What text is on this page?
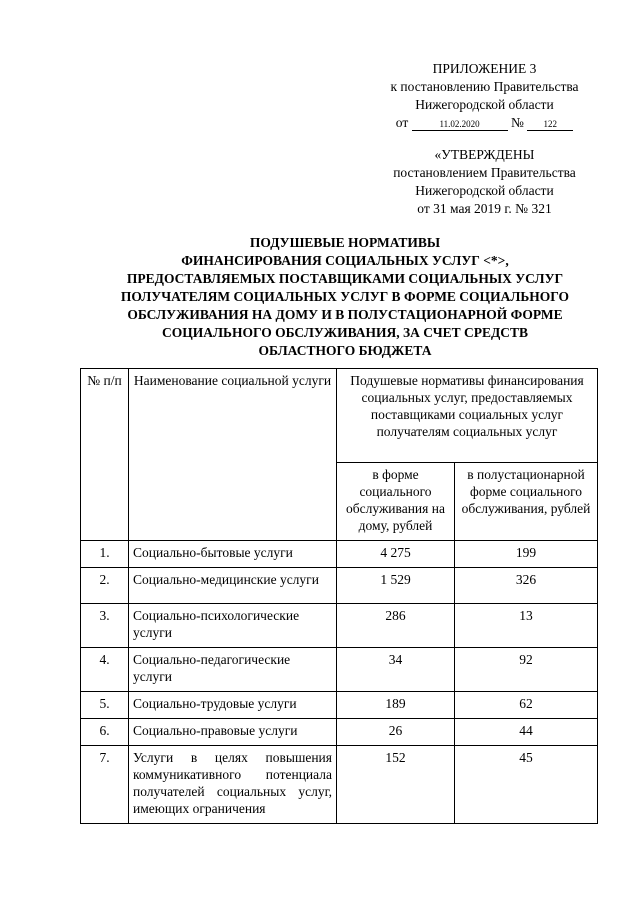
ПРИЛОЖЕНИЕ 3
к постановлению Правительства
Нижегородской области
от	11.02.2020 № 122
«УТВЕРЖДЕНЫ
постановлением Правительства
Нижегородской области
от 31 мая 2019 г. № 321
ПОДУШЕВЫЕ НОРМАТИВЫ
ФИНАНСИРОВАНИЯ СОЦИАЛЬНЫХ УСЛУГ <*>,
ПРЕДОСТАВЛЯЕМЫХ ПОСТАВЩИКАМИ СОЦИАЛЬНЫХ УСЛУГ
ПОЛУЧАТЕЛЯМ СОЦИАЛЬНЫХ УСЛУГ В ФОРМЕ СОЦИАЛЬНОГО
ОБСЛУЖИВАНИЯ НА ДОМУ И В ПОЛУСТАЦИОНАРНОЙ ФОРМЕ
СОЦИАЛЬНОГО ОБСЛУЖИВАНИЯ, ЗА СЧЕТ СРЕДСТВ
ОБЛАСТНОГО БЮДЖЕТА
№ п/п	Наименование социальной услуги	Подушевые нормативы финансирования социальных услуг, предоставляемых поставщиками социальных услуг получателям социальных услуг	
		в форме социального обслуживания на дому, рублей	в полустационарной форме социального обслуживания, рублей
1.	Социально-бытовые услуги	4 275	199
2.	Социально-медицинские услуги	1 529	326
3.	Социально-психологические услуги	286	13
4.	Социально-педагогические услуги	34	92
5.	Социально-трудовые услуги	189	62
6.	Социально-правовые услуги	26	44
7.	Услуги в целях повышения коммуникативного потенциала получателей социальных услуг, имеющих ограничения	152	45
